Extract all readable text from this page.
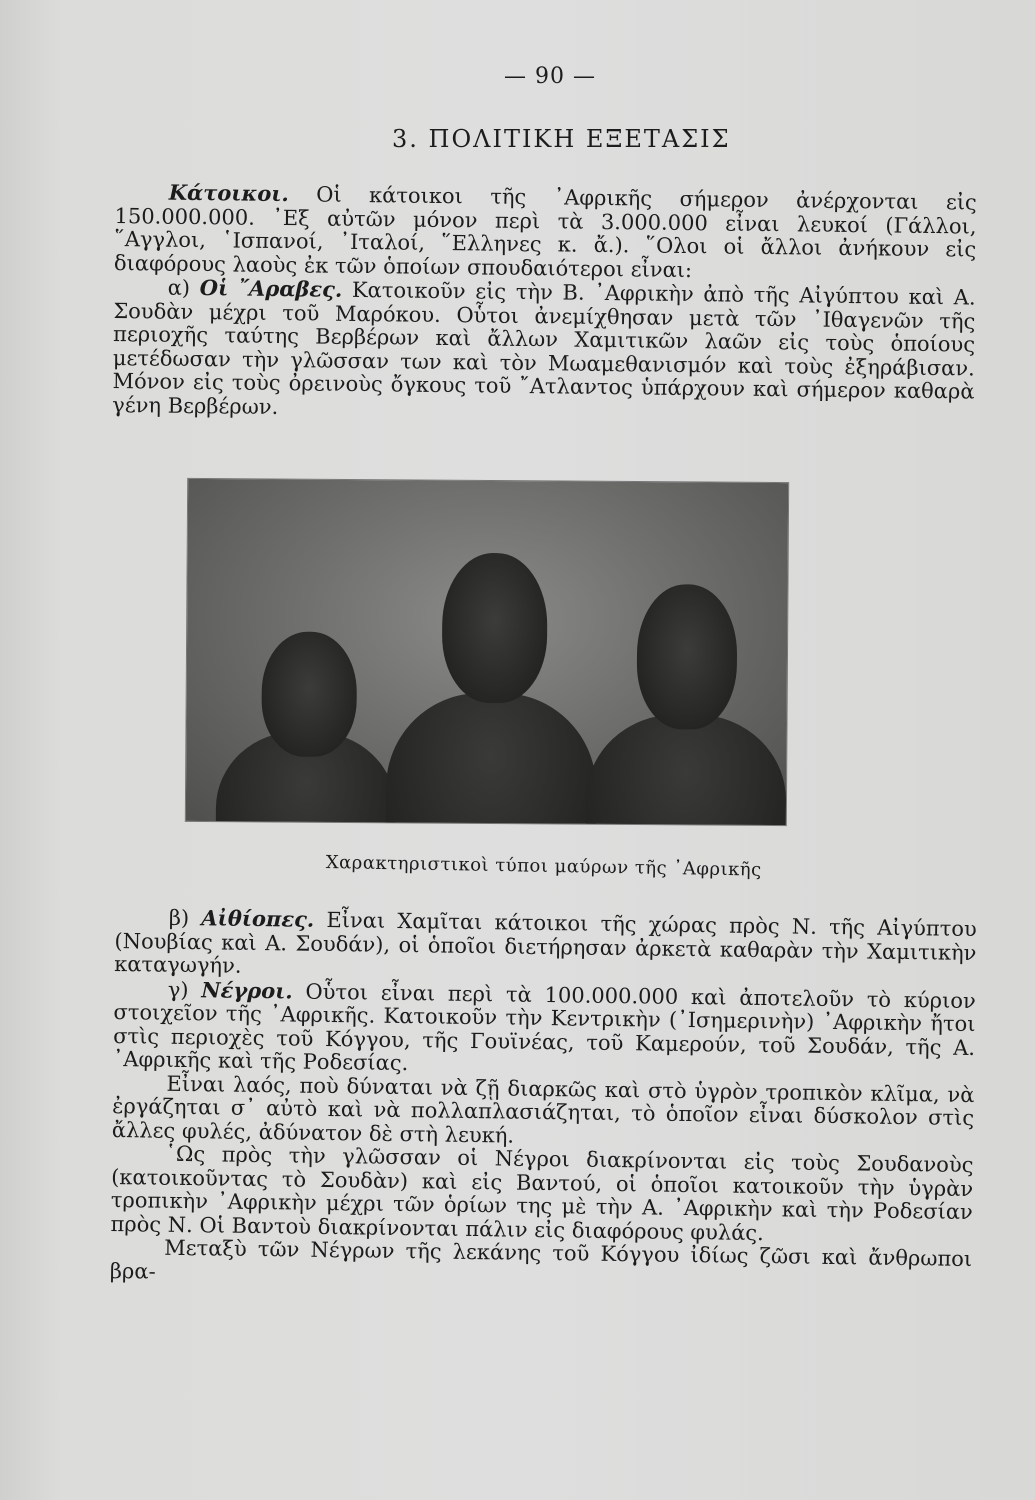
— 90 —
3. ΠΟΛΙΤΙΚΗ ΕΞΕΤΑΣΙΣ

Κάτοικοι. Οἱ κάτοικοι τῆς ᾽Αφρικῆς σήμερον ἀνέρχονται εἰς 150.000.000. ᾽Εξ αὐτῶν μόνον περὶ τὰ 3.000.000 εἶναι λευκοί (Γάλλοι, ῞Αγγλοι, ῾Ισπανοί, ᾽Ιταλοί, ῞Ελληνες κ. ἄ.). ῞Ολοι οἱ ἄλλοι ἀνήκουν εἰς διαφόρους λαοὺς ἐκ τῶν ὁποίων σπουδαιότεροι εἶναι:

α) Οἱ ῎Αραβες. Κατοικοῦν εἰς τὴν Β. ᾽Αφρικὴν ἀπὸ τῆς Αἰγύπτου καὶ Α. Σουδὰν μέχρι τοῦ Μαρόκου. Οὗτοι ἀνεμίχθησαν μετὰ τῶν ᾽Ιθαγενῶν τῆς περιοχῆς ταύτης Βερβέρων καὶ ἄλλων Χαμιτικῶν λαῶν εἰς τοὺς ὁποίους μετέδωσαν τὴν γλῶσσαν των καὶ τὸν Μωαμεθανισμόν καὶ τοὺς ἐξηράβισαν. Μόνον εἰς τοὺς ὀρεινοὺς ὄγκους τοῦ ῎Ατλαντος ὑπάρχουν καὶ σήμερον καθαρὰ γένη Βερβέρων.

Χαρακτηριστικοὶ τύποι μαύρων τῆς ᾽Αφρικῆς

β) Αἰθίοπες. Εἶναι Χαμῖται κάτοικοι τῆς χώρας πρὸς Ν. τῆς Αἰγύπτου (Νουβίας καὶ Α. Σουδάν), οἱ ὁποῖοι διετήρησαν ἀρκετὰ καθαρὰν τὴν Χαμιτικὴν καταγωγήν.

γ) Νέγροι. Οὗτοι εἶναι περὶ τὰ 100.000.000 καὶ ἀποτελοῦν τὸ κύριον στοιχεῖον τῆς ᾽Αφρικῆς. Κατοικοῦν τὴν Κεντρικὴν (᾽Ισημερινὴν) ᾽Αφρικὴν ἤτοι στὶς περιοχὲς τοῦ Κόγγου, τῆς Γουϊνέας, τοῦ Καμερούν, τοῦ Σουδάν, τῆς Α. ᾽Αφρικῆς καὶ τῆς Ροδεσίας.

Εἶναι λαός, ποὺ δύναται νὰ ζῇ διαρκῶς καὶ στὸ ὑγρὸν τροπικὸν κλῖμα, νὰ ἐργάζηται σ᾽ αὐτὸ καὶ νὰ πολλαπλασιάζηται, τὸ ὁποῖον εἶναι δύσκολον στὶς ἄλλες φυλές, ἀδύνατον δὲ στὴ λευκή.

῾Ως πρὸς τὴν γλῶσσαν οἱ Νέγροι διακρίνονται εἰς τοὺς Σουδανοὺς (κατοικοῦντας τὸ Σουδὰν) καὶ εἰς Βαντού, οἱ ὁποῖοι κατοικοῦν τὴν ὑγρὰν τροπικὴν ᾽Αφρικὴν μέχρι τῶν ὁρίων της μὲ τὴν Α. ᾽Αφρικὴν καὶ τὴν Ροδεσίαν πρὸς Ν. Οἱ Βαντοὺ διακρίνονται πάλιν εἰς διαφόρους φυλάς.

Μεταξὺ τῶν Νέγρων τῆς λεκάνης τοῦ Κόγγου ἰδίως ζῶσι καὶ ἄνθρωποι βρα-
